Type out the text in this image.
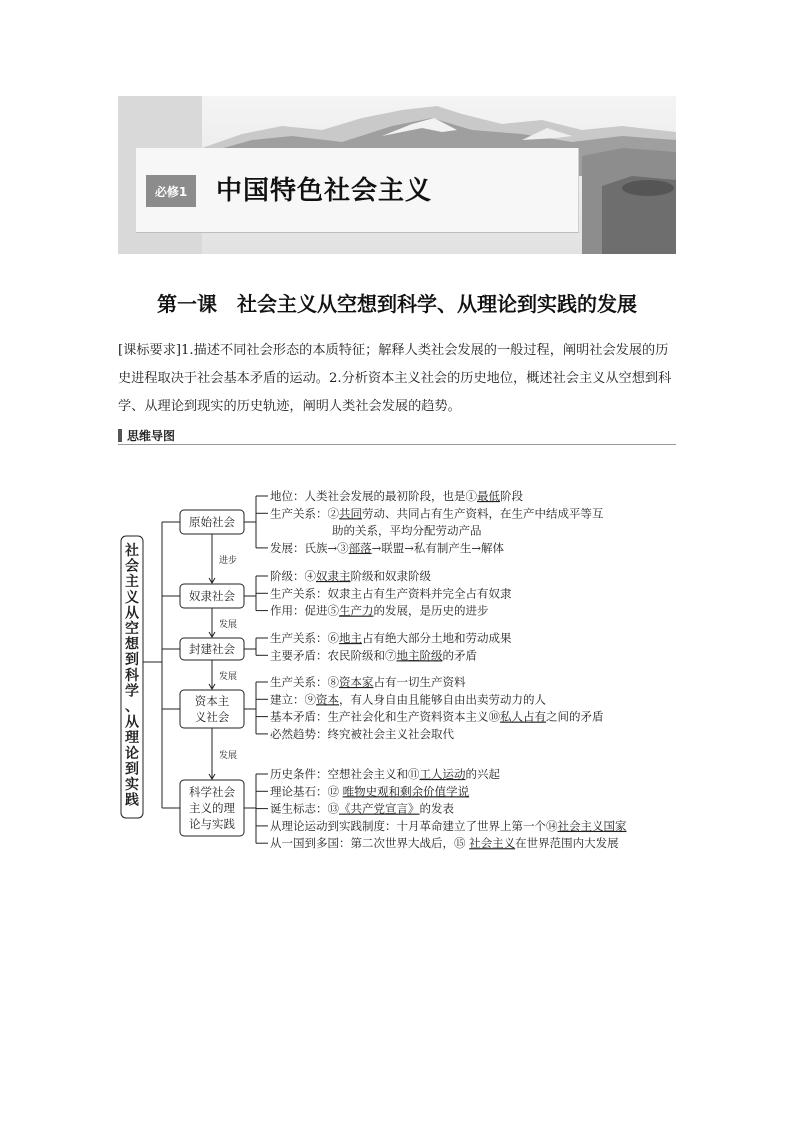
必修1	中国特色社会主义
第一课　社会主义从空想到科学、从理论到实践的发展
[课标要求]1.描述不同社会形态的本质特征；解释人类社会发展的一般过程，阐明社会发展的历史进程取决于社会基本矛盾的运动。2.分析资本主义社会的历史地位，概述社会主义从空想到科学、从理论到现实的历史轨迹，阐明人类社会发展的趋势。
思维导图
社
会
主
义
从
空
想
到
科
学
、
从
理
论
到
实
践
原始社会
奴隶社会
封建社会
资本主
义社会
科学社会
主义的理
论与实践
进步
发展
发展
发展
地位：人类社会发展的最初阶段，也是①最低阶段
生产关系：②共同劳动、共同占有生产资料，在生产中结成平等互
助的关系，平均分配劳动产品
发展：氏族→③部落→联盟→私有制产生→解体
阶级：④奴隶主阶级和奴隶阶级
生产关系：奴隶主占有生产资料并完全占有奴隶
作用：促进⑤生产力的发展，是历史的进步
生产关系：⑥地主占有绝大部分土地和劳动成果
主要矛盾：农民阶级和⑦地主阶级的矛盾
生产关系：⑧资本家占有一切生产资料
建立：⑨资本，有人身自由且能够自由出卖劳动力的人
基本矛盾：生产社会化和生产资料资本主义⑩私人占有之间的矛盾
必然趋势：终究被社会主义社会取代
历史条件：空想社会主义和⑪工人运动的兴起
理论基石：⑫ 唯物史观和剩余价值学说
诞生标志：⑬《共产党宣言》的发表
从理论运动到实践制度：十月革命建立了世界上第一个⑭社会主义国家
从一国到多国：第二次世界大战后，⑮ 社会主义在世界范围内大发展
